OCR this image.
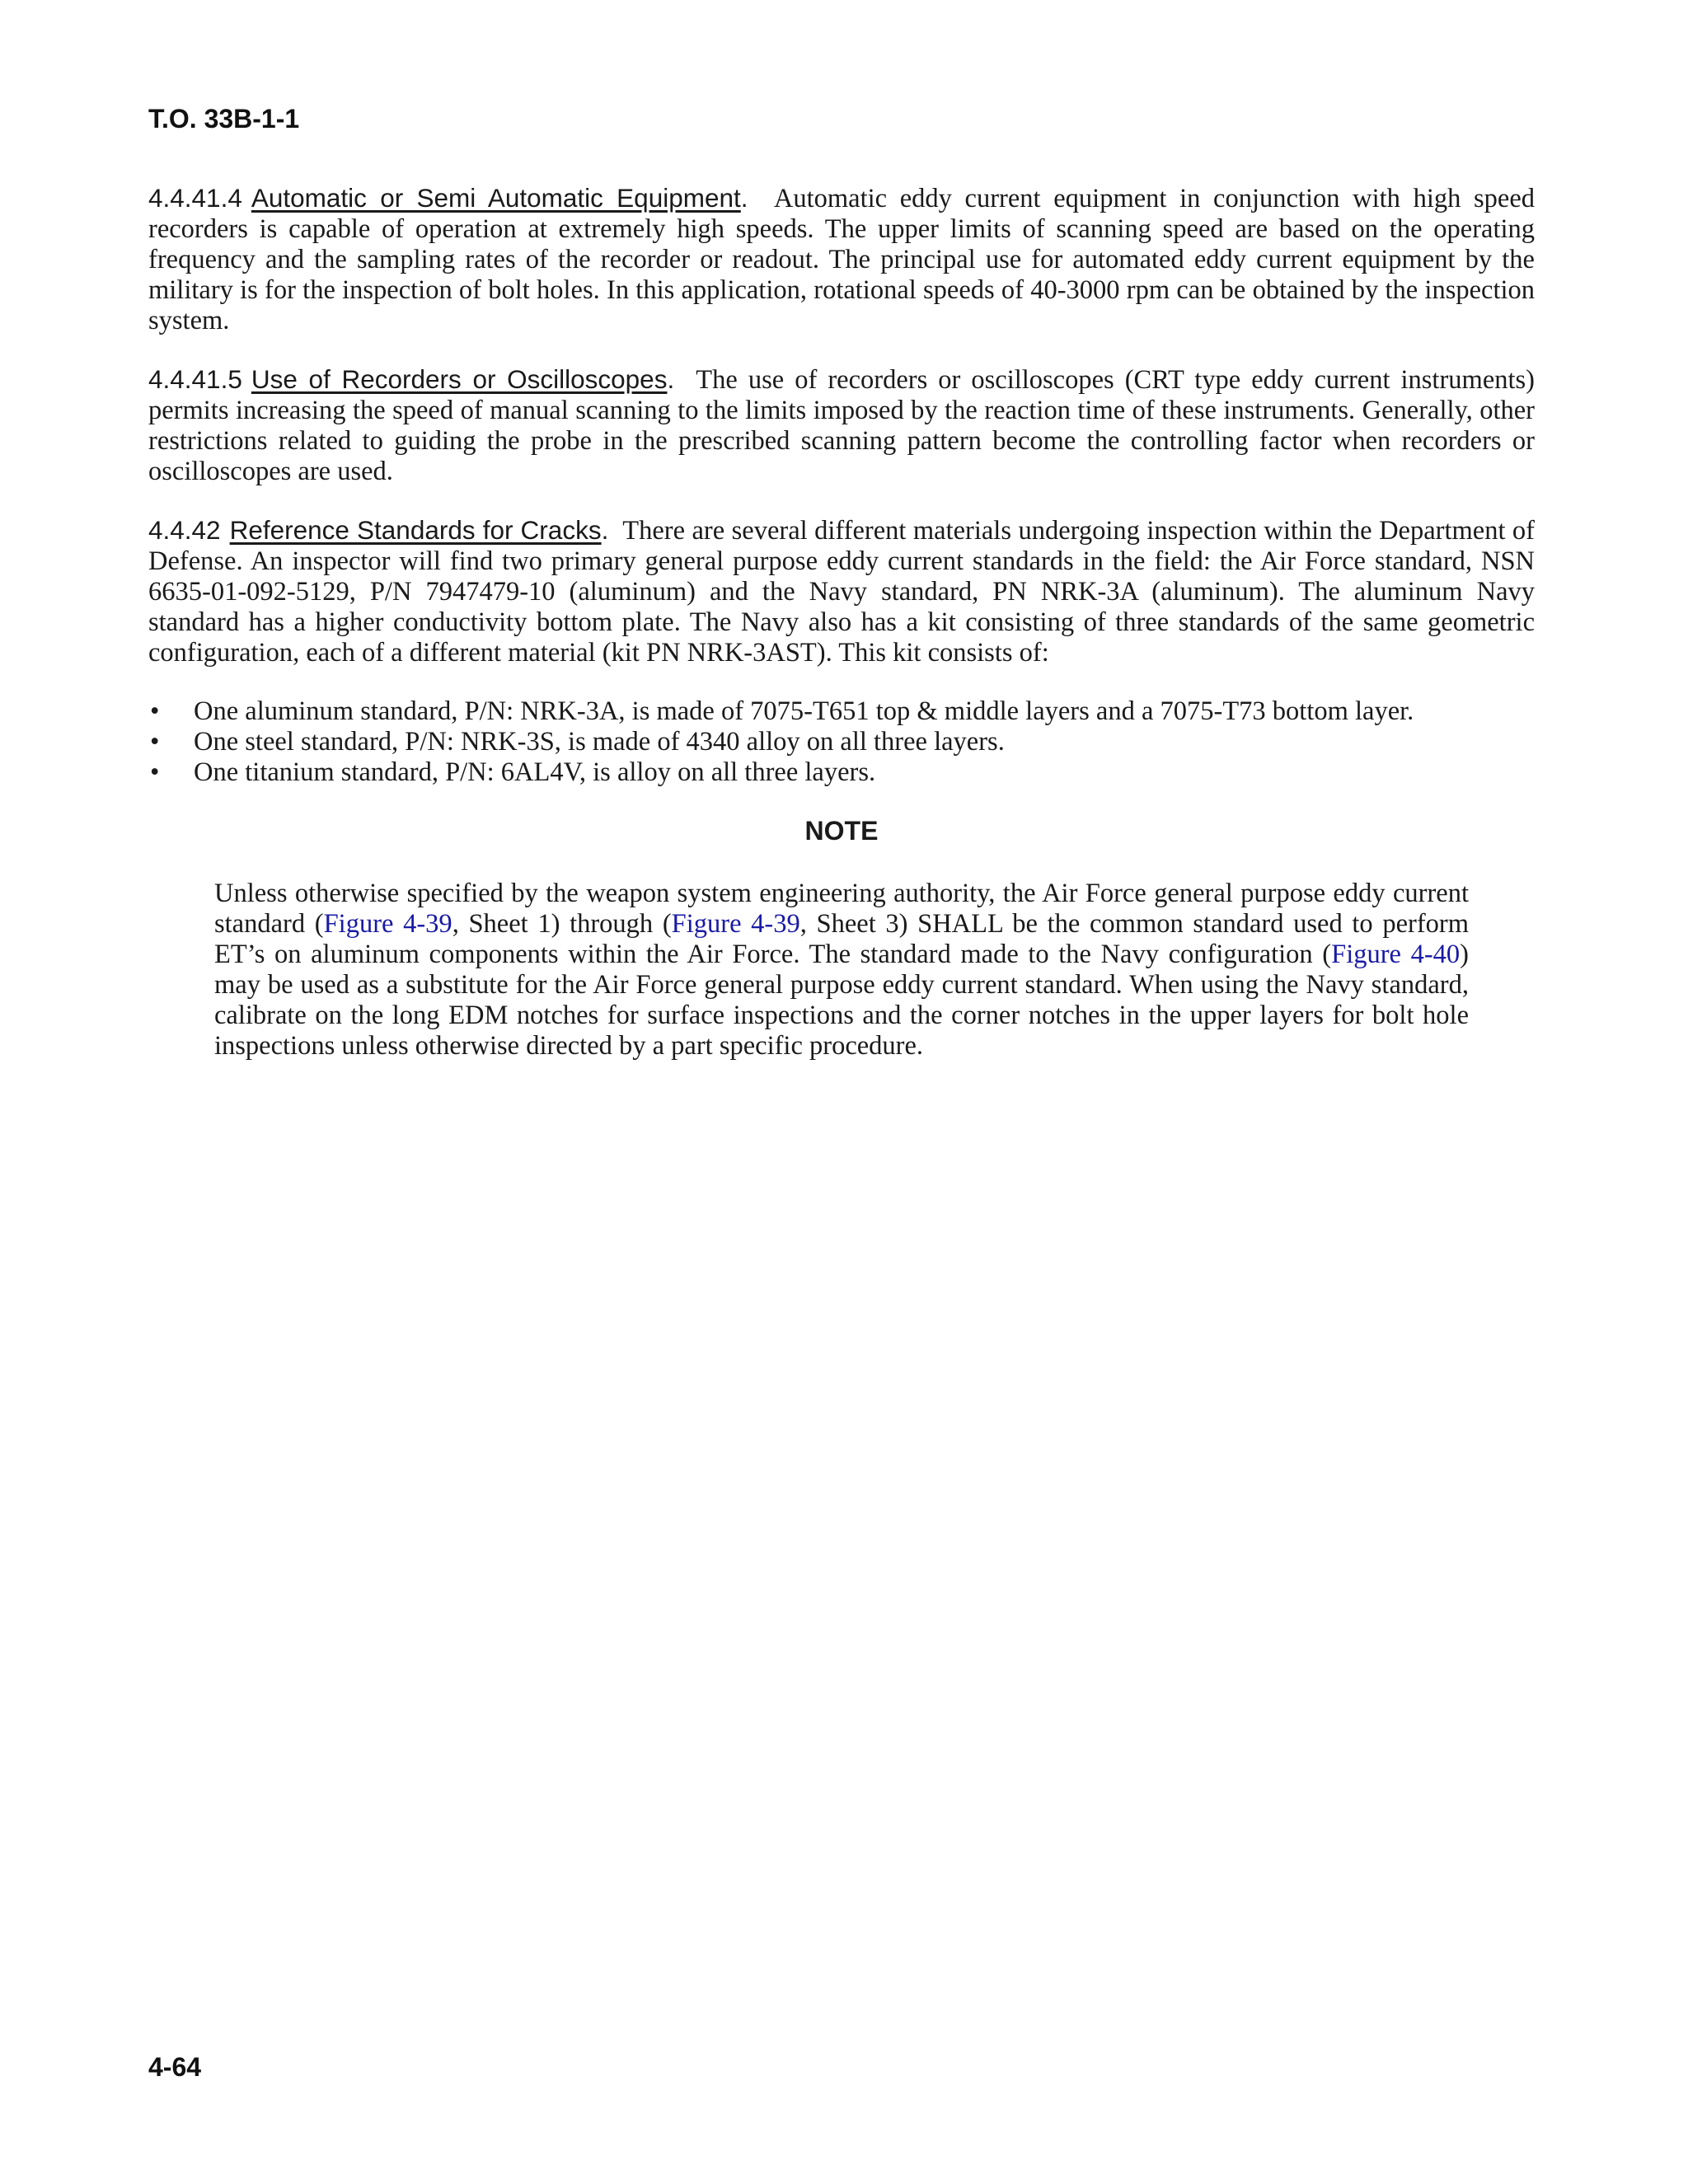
T.O. 33B-1-1

4.4.41.4 Automatic or Semi Automatic Equipment. Automatic eddy current equipment in conjunction with high speed recorders is capable of operation at extremely high speeds. The upper limits of scanning speed are based on the operating frequency and the sampling rates of the recorder or readout. The principal use for automated eddy current equipment by the military is for the inspection of bolt holes. In this application, rotational speeds of 40-3000 rpm can be obtained by the inspection system.

4.4.41.5 Use of Recorders or Oscilloscopes. The use of recorders or oscilloscopes (CRT type eddy current instruments) permits increasing the speed of manual scanning to the limits imposed by the reaction time of these instruments. Generally, other restrictions related to guiding the probe in the prescribed scanning pattern become the controlling factor when recorders or oscilloscopes are used.

4.4.42 Reference Standards for Cracks. There are several different materials undergoing inspection within the Department of Defense. An inspector will find two primary general purpose eddy current standards in the field: the Air Force standard, NSN 6635-01-092-5129, P/N 7947479-10 (aluminum) and the Navy standard, PN NRK-3A (aluminum). The aluminum Navy standard has a higher conductivity bottom plate. The Navy also has a kit consisting of three standards of the same geometric configuration, each of a different material (kit PN NRK-3AST). This kit consists of:

• One aluminum standard, P/N: NRK-3A, is made of 7075-T651 top & middle layers and a 7075-T73 bottom layer.
• One steel standard, P/N: NRK-3S, is made of 4340 alloy on all three layers.
• One titanium standard, P/N: 6AL4V, is alloy on all three layers.
NOTE

Unless otherwise specified by the weapon system engineering authority, the Air Force general purpose eddy current standard (Figure 4-39, Sheet 1) through (Figure 4-39, Sheet 3) SHALL be the common standard used to perform ET’s on aluminum components within the Air Force. The standard made to the Navy configuration (Figure 4-40) may be used as a substitute for the Air Force general purpose eddy current standard. When using the Navy standard, calibrate on the long EDM notches for surface inspections and the corner notches in the upper layers for bolt hole inspections unless otherwise directed by a part specific procedure.

4-64
